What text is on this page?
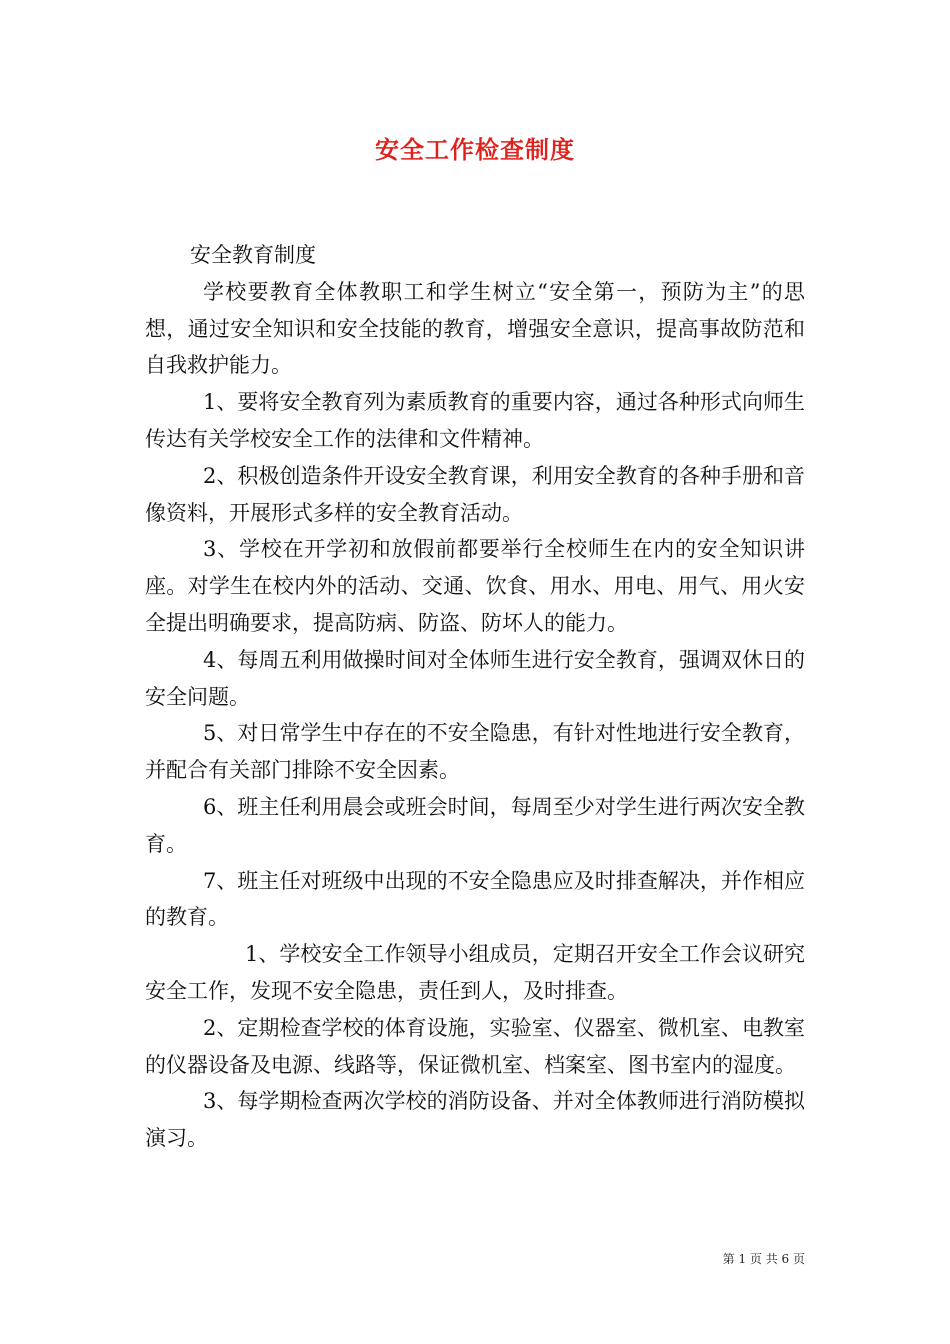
安全工作检查制度

安全教育制度

学校要教育全体教职工和学生树立“安全第一，预防为主”的思想，通过安全知识和安全技能的教育，增强安全意识，提高事故防范和自我救护能力。

1、要将安全教育列为素质教育的重要内容，通过各种形式向师生传达有关学校安全工作的法律和文件精神。

2、积极创造条件开设安全教育课，利用安全教育的各种手册和音像资料，开展形式多样的安全教育活动。

3、学校在开学初和放假前都要举行全校师生在内的安全知识讲座。对学生在校内外的活动、交通、饮食、用水、用电、用气、用火安全提出明确要求，提高防病、防盗、防坏人的能力。

4、每周五利用做操时间对全体师生进行安全教育，强调双休日的安全问题。

5、对日常学生中存在的不安全隐患，有针对性地进行安全教育，并配合有关部门排除不安全因素。

6、班主任利用晨会或班会时间，每周至少对学生进行两次安全教育。

7、班主任对班级中出现的不安全隐患应及时排查解决，并作相应的教育。

1、学校安全工作领导小组成员，定期召开安全工作会议研究安全工作，发现不安全隐患，责任到人，及时排查。

2、定期检查学校的体育设施，实验室、仪器室、微机室、电教室的仪器设备及电源、线路等，保证微机室、档案室、图书室内的湿度。

3、每学期检查两次学校的消防设备、并对全体教师进行消防模拟演习。

第 1 页 共 6 页
